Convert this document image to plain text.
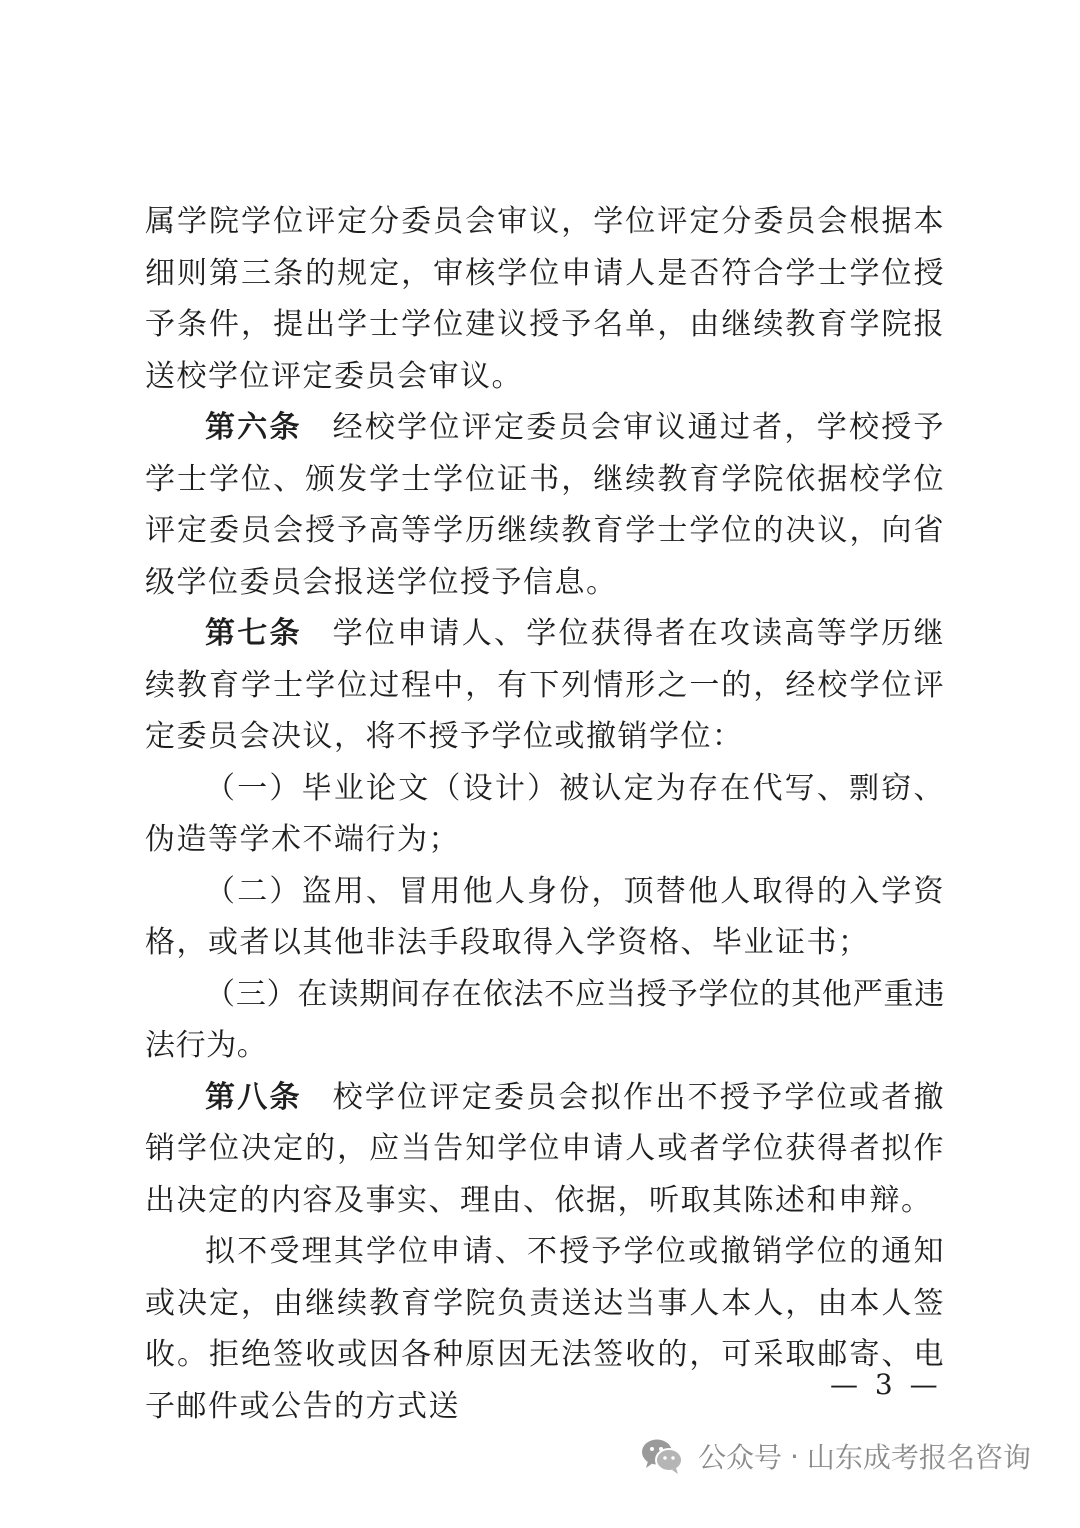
属学院学位评定分委员会审议，学位评定分委员会根据本细则第三条的规定，审核学位申请人是否符合学士学位授予条件，提出学士学位建议授予名单，由继续教育学院报送校学位评定委员会审议。

第六条 经校学位评定委员会审议通过者，学校授予学士学位、颁发学士学位证书，继续教育学院依据校学位评定委员会授予高等学历继续教育学士学位的决议，向省级学位委员会报送学位授予信息。

第七条 学位申请人、学位获得者在攻读高等学历继续教育学士学位过程中，有下列情形之一的，经校学位评定委员会决议，将不授予学位或撤销学位：

（一）毕业论文（设计）被认定为存在代写、剽窃、伪造等学术不端行为；

（二）盗用、冒用他人身份，顶替他人取得的入学资格，或者以其他非法手段取得入学资格、毕业证书；

（三）在读期间存在依法不应当授予学位的其他严重违法行为。

第八条 校学位评定委员会拟作出不授予学位或者撤销学位决定的，应当告知学位申请人或者学位获得者拟作出决定的内容及事实、理由、依据，听取其陈述和申辩。

拟不受理其学位申请、不授予学位或撤销学位的通知或决定，由继续教育学院负责送达当事人本人，由本人签收。拒绝签收或因各种原因无法签收的，可采取邮寄、电子邮件或公告的方式送

— 3 —
公众号 · 山东成考报名咨询
